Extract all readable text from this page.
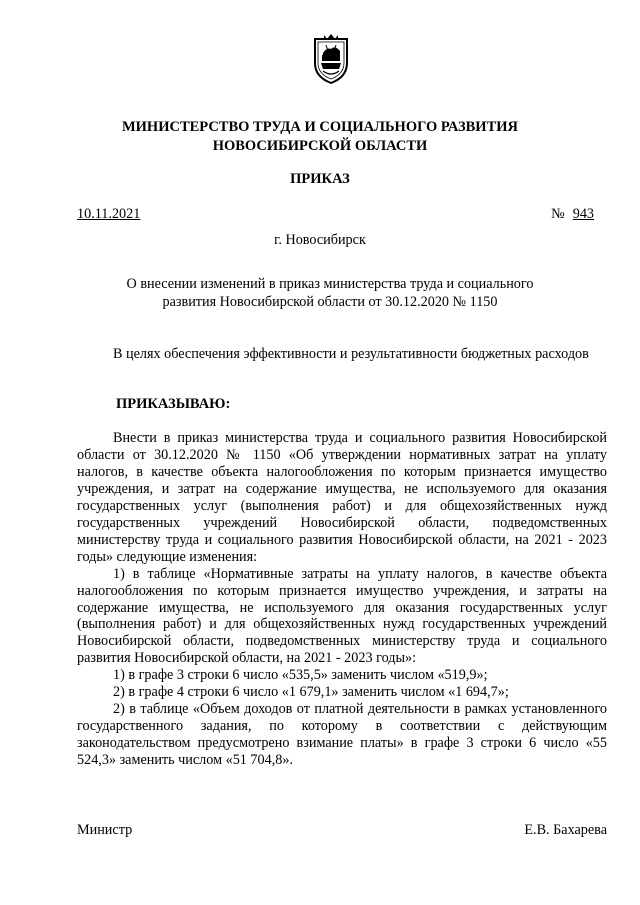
МИНИСТЕРСТВО ТРУДА И СОЦИАЛЬНОГО РАЗВИТИЯ
НОВОСИБИРСКОЙ ОБЛАСТИ
ПРИКАЗ
10.11.2021	№ 943
г. Новосибирск
О внесении изменений в приказ министерства труда и социального развития Новосибирской области от 30.12.2020 № 1150

В целях обеспечения эффективности и результативности бюджетных расходов

ПРИКАЗЫВАЮ:

Внести в приказ министерства труда и социального развития Новосибирской области от 30.12.2020 № 1150 «Об утверждении нормативных затрат на уплату налогов, в качестве объекта налогообложения по которым признается имущество учреждения, и затрат на содержание имущества, не используемого для оказания государственных услуг (выполнения работ) и для общехозяйственных нужд государственных учреждений Новосибирской области, подведомственных министерству труда и социального развития Новосибирской области, на 2021 - 2023 годы» следующие изменения:

1) в таблице «Нормативные затраты на уплату налогов, в качестве объекта налогообложения по которым признается имущество учреждения, и затраты на содержание имущества, не используемого для оказания государственных услуг (выполнения работ) и для общехозяйственных нужд государственных учреждений Новосибирской области, подведомственных министерству труда и социального развития Новосибирской области, на 2021 - 2023 годы»:

1) в графе 3 строки 6 число «535,5» заменить числом «519,9»;

2) в графе 4 строки 6 число «1 679,1» заменить числом «1 694,7»;

2) в таблице «Объем доходов от платной деятельности в рамках установленного государственного задания, по которому в соответствии с действующим законодательством предусмотрено взимание платы» в графе 3 строки 6 число «55 524,3» заменить числом «51 704,8».

Министр	Е.В. Бахарева
